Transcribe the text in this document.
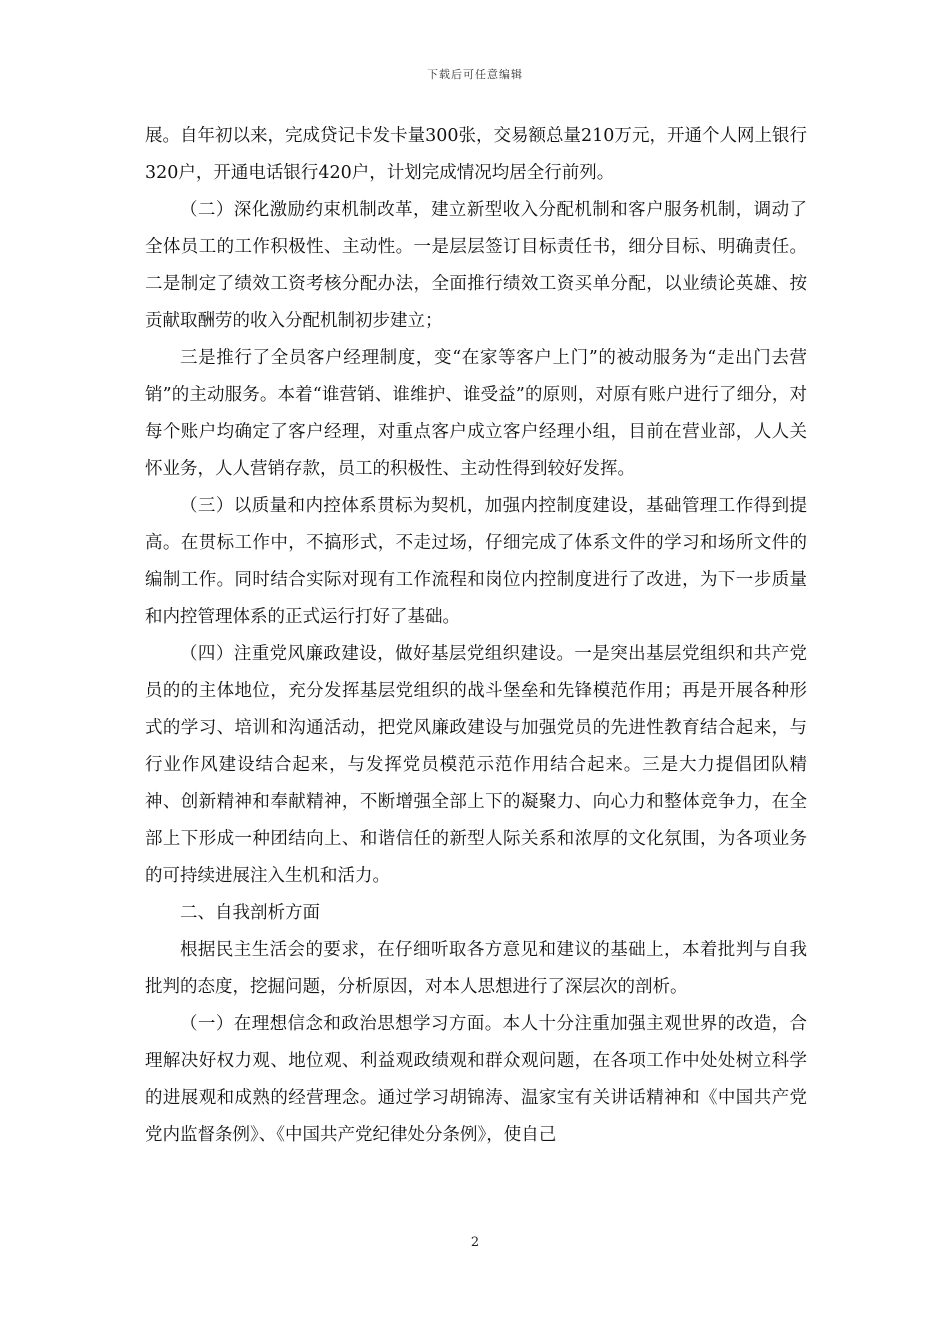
下载后可任意编辑

展。自年初以来，完成贷记卡发卡量300张，交易额总量210万元，开通个人网上银行320户，开通电话银行420户，计划完成情况均居全行前列。

（二）深化激励约束机制改革，建立新型收入分配机制和客户服务机制，调动了全体员工的工作积极性、主动性。一是层层签订目标责任书，细分目标、明确责任。二是制定了绩效工资考核分配办法，全面推行绩效工资买单分配，以业绩论英雄、按贡献取酬劳的收入分配机制初步建立；

三是推行了全员客户经理制度，变“在家等客户上门”的被动服务为“走出门去营销”的主动服务。本着“谁营销、谁维护、谁受益”的原则，对原有账户进行了细分，对每个账户均确定了客户经理，对重点客户成立客户经理小组，目前在营业部，人人关怀业务，人人营销存款，员工的积极性、主动性得到较好发挥。

（三）以质量和内控体系贯标为契机，加强内控制度建设，基础管理工作得到提高。在贯标工作中，不搞形式，不走过场，仔细完成了体系文件的学习和场所文件的编制工作。同时结合实际对现有工作流程和岗位内控制度进行了改进，为下一步质量和内控管理体系的正式运行打好了基础。

（四）注重党风廉政建设，做好基层党组织建设。一是突出基层党组织和共产党员的的主体地位，充分发挥基层党组织的战斗堡垒和先锋模范作用；再是开展各种形式的学习、培训和沟通活动，把党风廉政建设与加强党员的先进性教育结合起来，与行业作风建设结合起来，与发挥党员模范示范作用结合起来。三是大力提倡团队精神、创新精神和奉献精神，不断增强全部上下的凝聚力、向心力和整体竞争力，在全部上下形成一种团结向上、和谐信任的新型人际关系和浓厚的文化氛围，为各项业务的可持续进展注入生机和活力。

二、自我剖析方面

根据民主生活会的要求，在仔细听取各方意见和建议的基础上，本着批判与自我批判的态度，挖掘问题，分析原因，对本人思想进行了深层次的剖析。

（一）在理想信念和政治思想学习方面。本人十分注重加强主观世界的改造，合理解决好权力观、地位观、利益观政绩观和群众观问题，在各项工作中处处树立科学的进展观和成熟的经营理念。通过学习胡锦涛、温家宝有关讲话精神和《中国共产党党内监督条例》、《中国共产党纪律处分条例》，使自己

2
